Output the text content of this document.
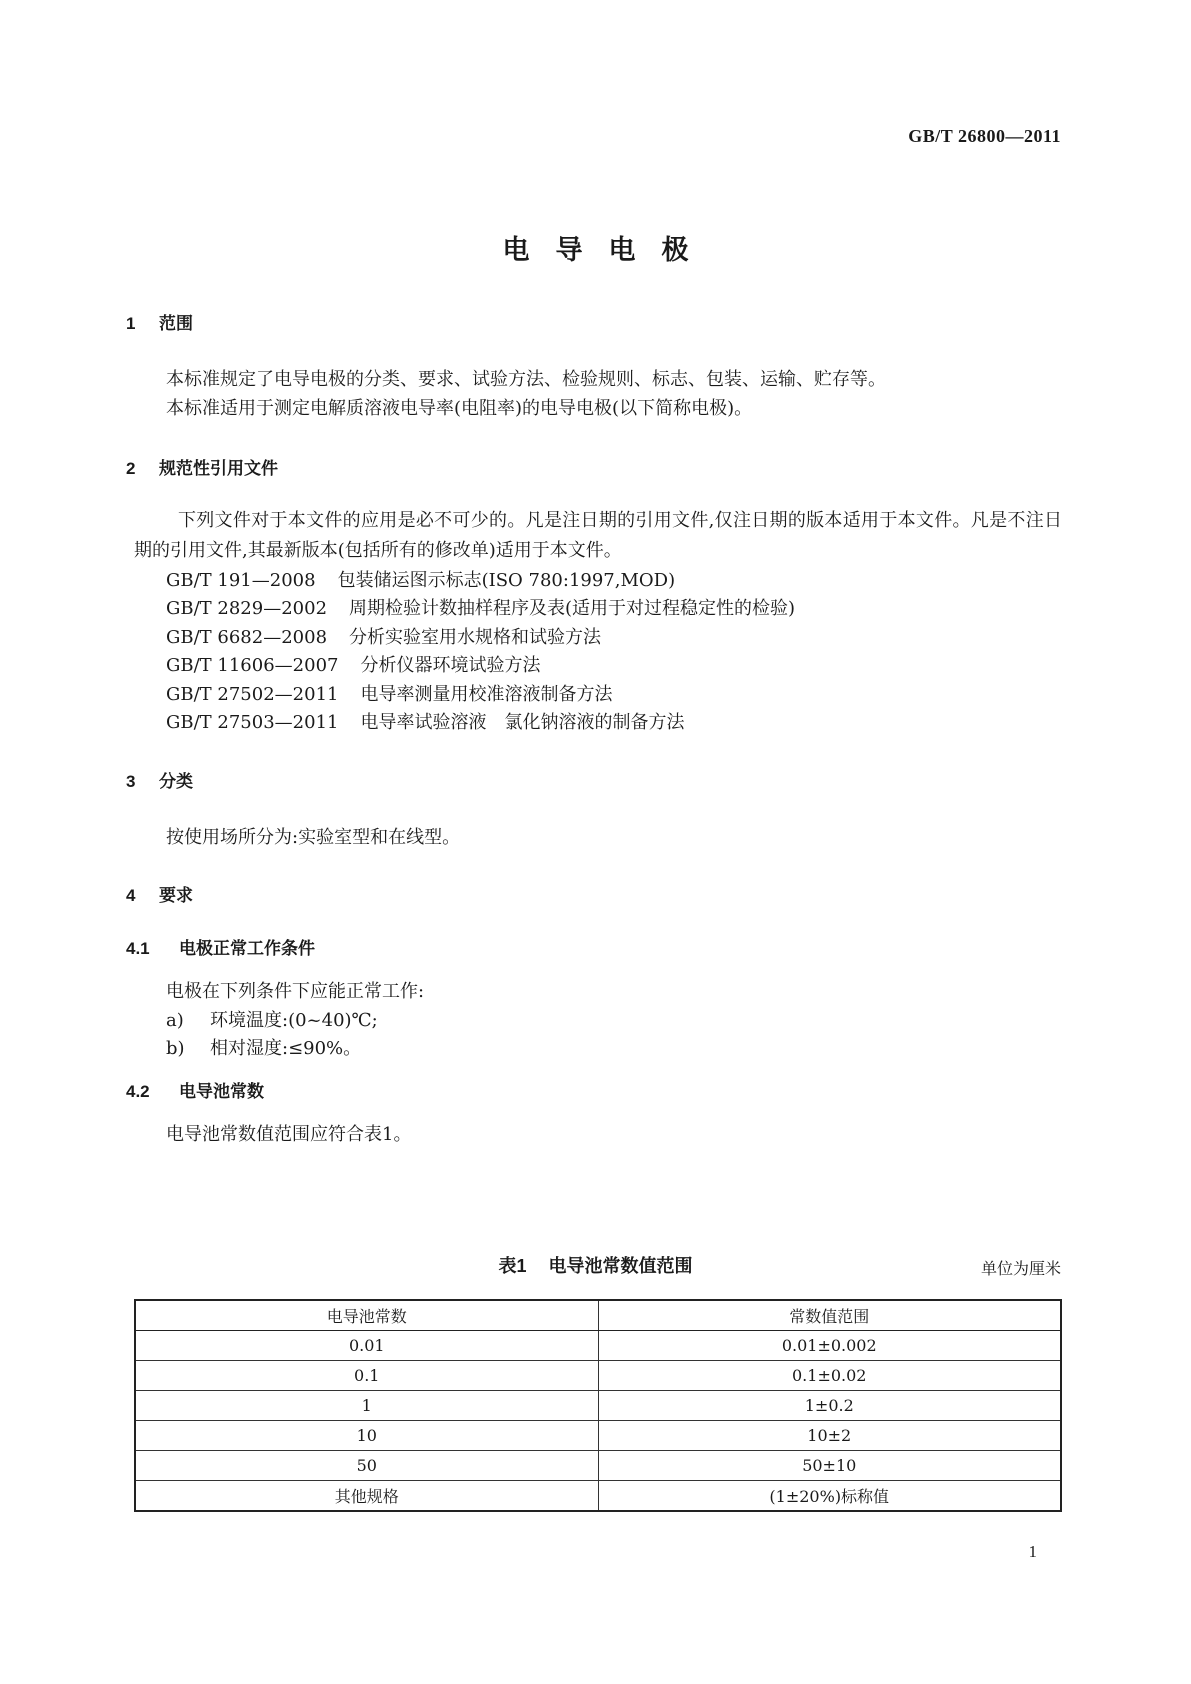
GB/T 26800—2011
电导电极
1 范围
本标准规定了电导电极的分类、要求、试验方法、检验规则、标志、包装、运输、贮存等。
本标准适用于测定电解质溶液电导率(电阻率)的电导电极(以下简称电极)。
2 规范性引用文件
下列文件对于本文件的应用是必不可少的。凡是注日期的引用文件,仅注日期的版本适用于本文件。凡是不注日期的引用文件,其最新版本(包括所有的修改单)适用于本文件。
GB/T 191—2008 包装储运图示标志(ISO 780:1997,MOD)
GB/T 2829—2002 周期检验计数抽样程序及表(适用于对过程稳定性的检验)
GB/T 6682—2008 分析实验室用水规格和试验方法
GB/T 11606—2007 分析仪器环境试验方法
GB/T 27502—2011 电导率测量用校准溶液制备方法
GB/T 27503—2011 电导率试验溶液　氯化钠溶液的制备方法
3 分类
按使用场所分为:实验室型和在线型。
4 要求
4.1 电极正常工作条件
电极在下列条件下应能正常工作:
a) 环境温度:(0~40)℃;
b) 相对湿度:≤90%。
4.2 电导池常数
电导池常数值范围应符合表1。
表1 电导池常数值范围	单位为厘米
电导池常数	常数值范围
0.01	0.01±0.002
0.1	0.1±0.02
1	1±0.2
10	10±2
50	50±10
其他规格	(1±20%)标称值
1
